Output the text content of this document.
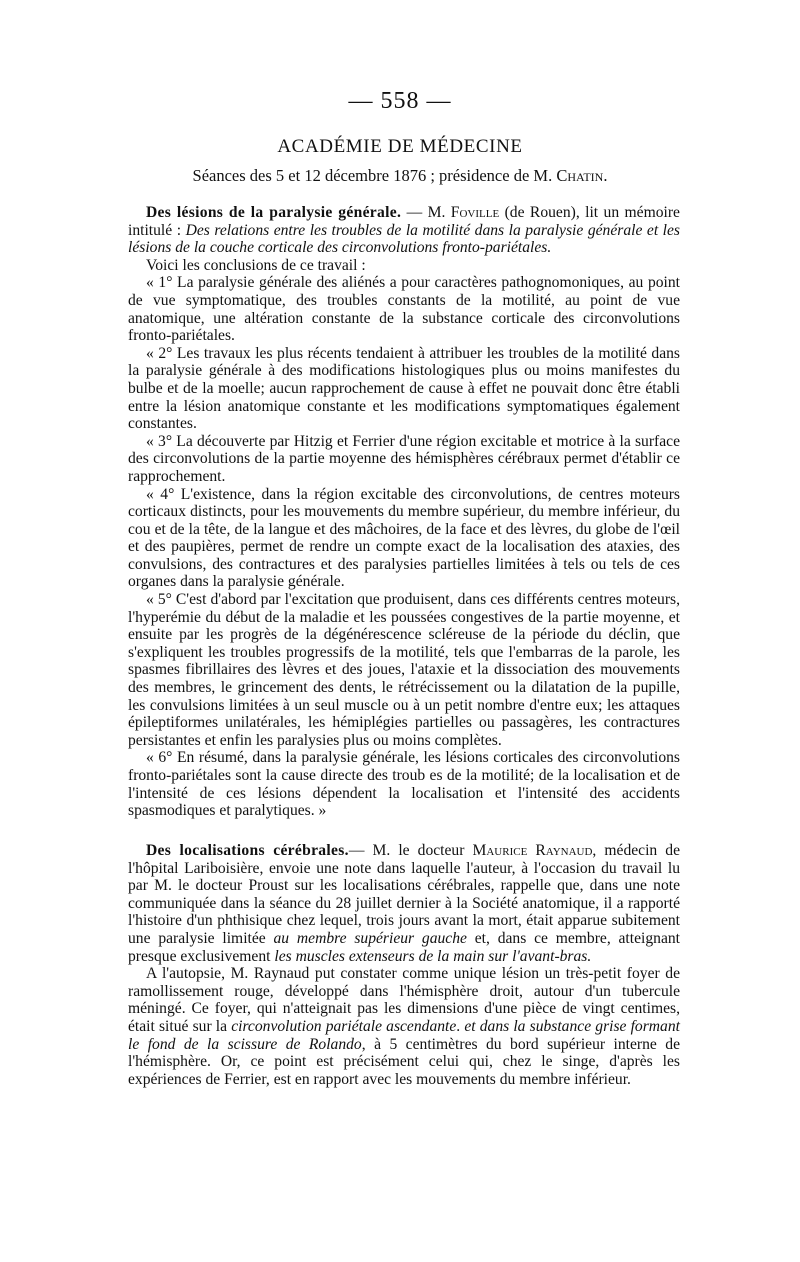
— 558 —
ACADÉMIE DE MÉDECINE
Séances des 5 et 12 décembre 1876 ; présidence de M. Chatin.

Des lésions de la paralysie générale. — M. Foville (de Rouen), lit un mémoire intitulé : Des relations entre les troubles de la motilité dans la paralysie générale et les lésions de la couche corticale des circonvolutions fronto-pariétales.

Voici les conclusions de ce travail :

« 1° La paralysie générale des aliénés a pour caractères pathognomoniques, au point de vue symptomatique, des troubles constants de la motilité, au point de vue anatomique, une altération constante de la substance corticale des circonvolutions fronto-pariétales.

« 2° Les travaux les plus récents tendaient à attribuer les troubles de la motilité dans la paralysie générale à des modifications histologiques plus ou moins manifestes du bulbe et de la moelle; aucun rapprochement de cause à effet ne pouvait donc être établi entre la lésion anatomique constante et les modifications symptomatiques également constantes.

« 3° La découverte par Hitzig et Ferrier d'une région excitable et motrice à la surface des circonvolutions de la partie moyenne des hémisphères cérébraux permet d'établir ce rapprochement.

« 4° L'existence, dans la région excitable des circonvolutions, de centres moteurs corticaux distincts, pour les mouvements du membre supérieur, du membre inférieur, du cou et de la tête, de la langue et des mâchoires, de la face et des lèvres, du globe de l'œil et des paupières, permet de rendre un compte exact de la localisation des ataxies, des convulsions, des contractures et des paralysies partielles limitées à tels ou tels de ces organes dans la paralysie générale.

« 5° C'est d'abord par l'excitation que produisent, dans ces différents centres moteurs, l'hyperémie du début de la maladie et les poussées congestives de la partie moyenne, et ensuite par les progrès de la dégénérescence scléreuse de la période du déclin, que s'expliquent les troubles progressifs de la motilité, tels que l'embarras de la parole, les spasmes fibrillaires des lèvres et des joues, l'ataxie et la dissociation des mouvements des membres, le grincement des dents, le rétrécissement ou la dilatation de la pupille, les convulsions limitées à un seul muscle ou à un petit nombre d'entre eux; les attaques épileptiformes unilatérales, les hémiplégies partielles ou passagères, les contractures persistantes et enfin les paralysies plus ou moins complètes.

« 6° En résumé, dans la paralysie générale, les lésions corticales des circonvolutions fronto-pariétales sont la cause directe des troub es de la motilité; de la localisation et de l'intensité de ces lésions dépendent la localisation et l'intensité des accidents spasmodiques et paralytiques. »

Des localisations cérébrales.— M. le docteur Maurice Raynaud, médecin de l'hôpital Lariboisière, envoie une note dans laquelle l'auteur, à l'occasion du travail lu par M. le docteur Proust sur les localisations cérébrales, rappelle que, dans une note communiquée dans la séance du 28 juillet dernier à la Société anatomique, il a rapporté l'histoire d'un phthisique chez lequel, trois jours avant la mort, était apparue subitement une paralysie limitée au membre supérieur gauche et, dans ce membre, atteignant presque exclusivement les muscles extenseurs de la main sur l'avant-bras.

A l'autopsie, M. Raynaud put constater comme unique lésion un très-petit foyer de ramollissement rouge, développé dans l'hémisphère droit, autour d'un tubercule méningé. Ce foyer, qui n'atteignait pas les dimensions d'une pièce de vingt centimes, était situé sur la circonvolution pariétale ascendante. et dans la substance grise formant le fond de la scissure de Rolando, à 5 centimètres du bord supérieur interne de l'hémisphère. Or, ce point est précisément celui qui, chez le singe, d'après les expériences de Ferrier, est en rapport avec les mouvements du membre inférieur.
